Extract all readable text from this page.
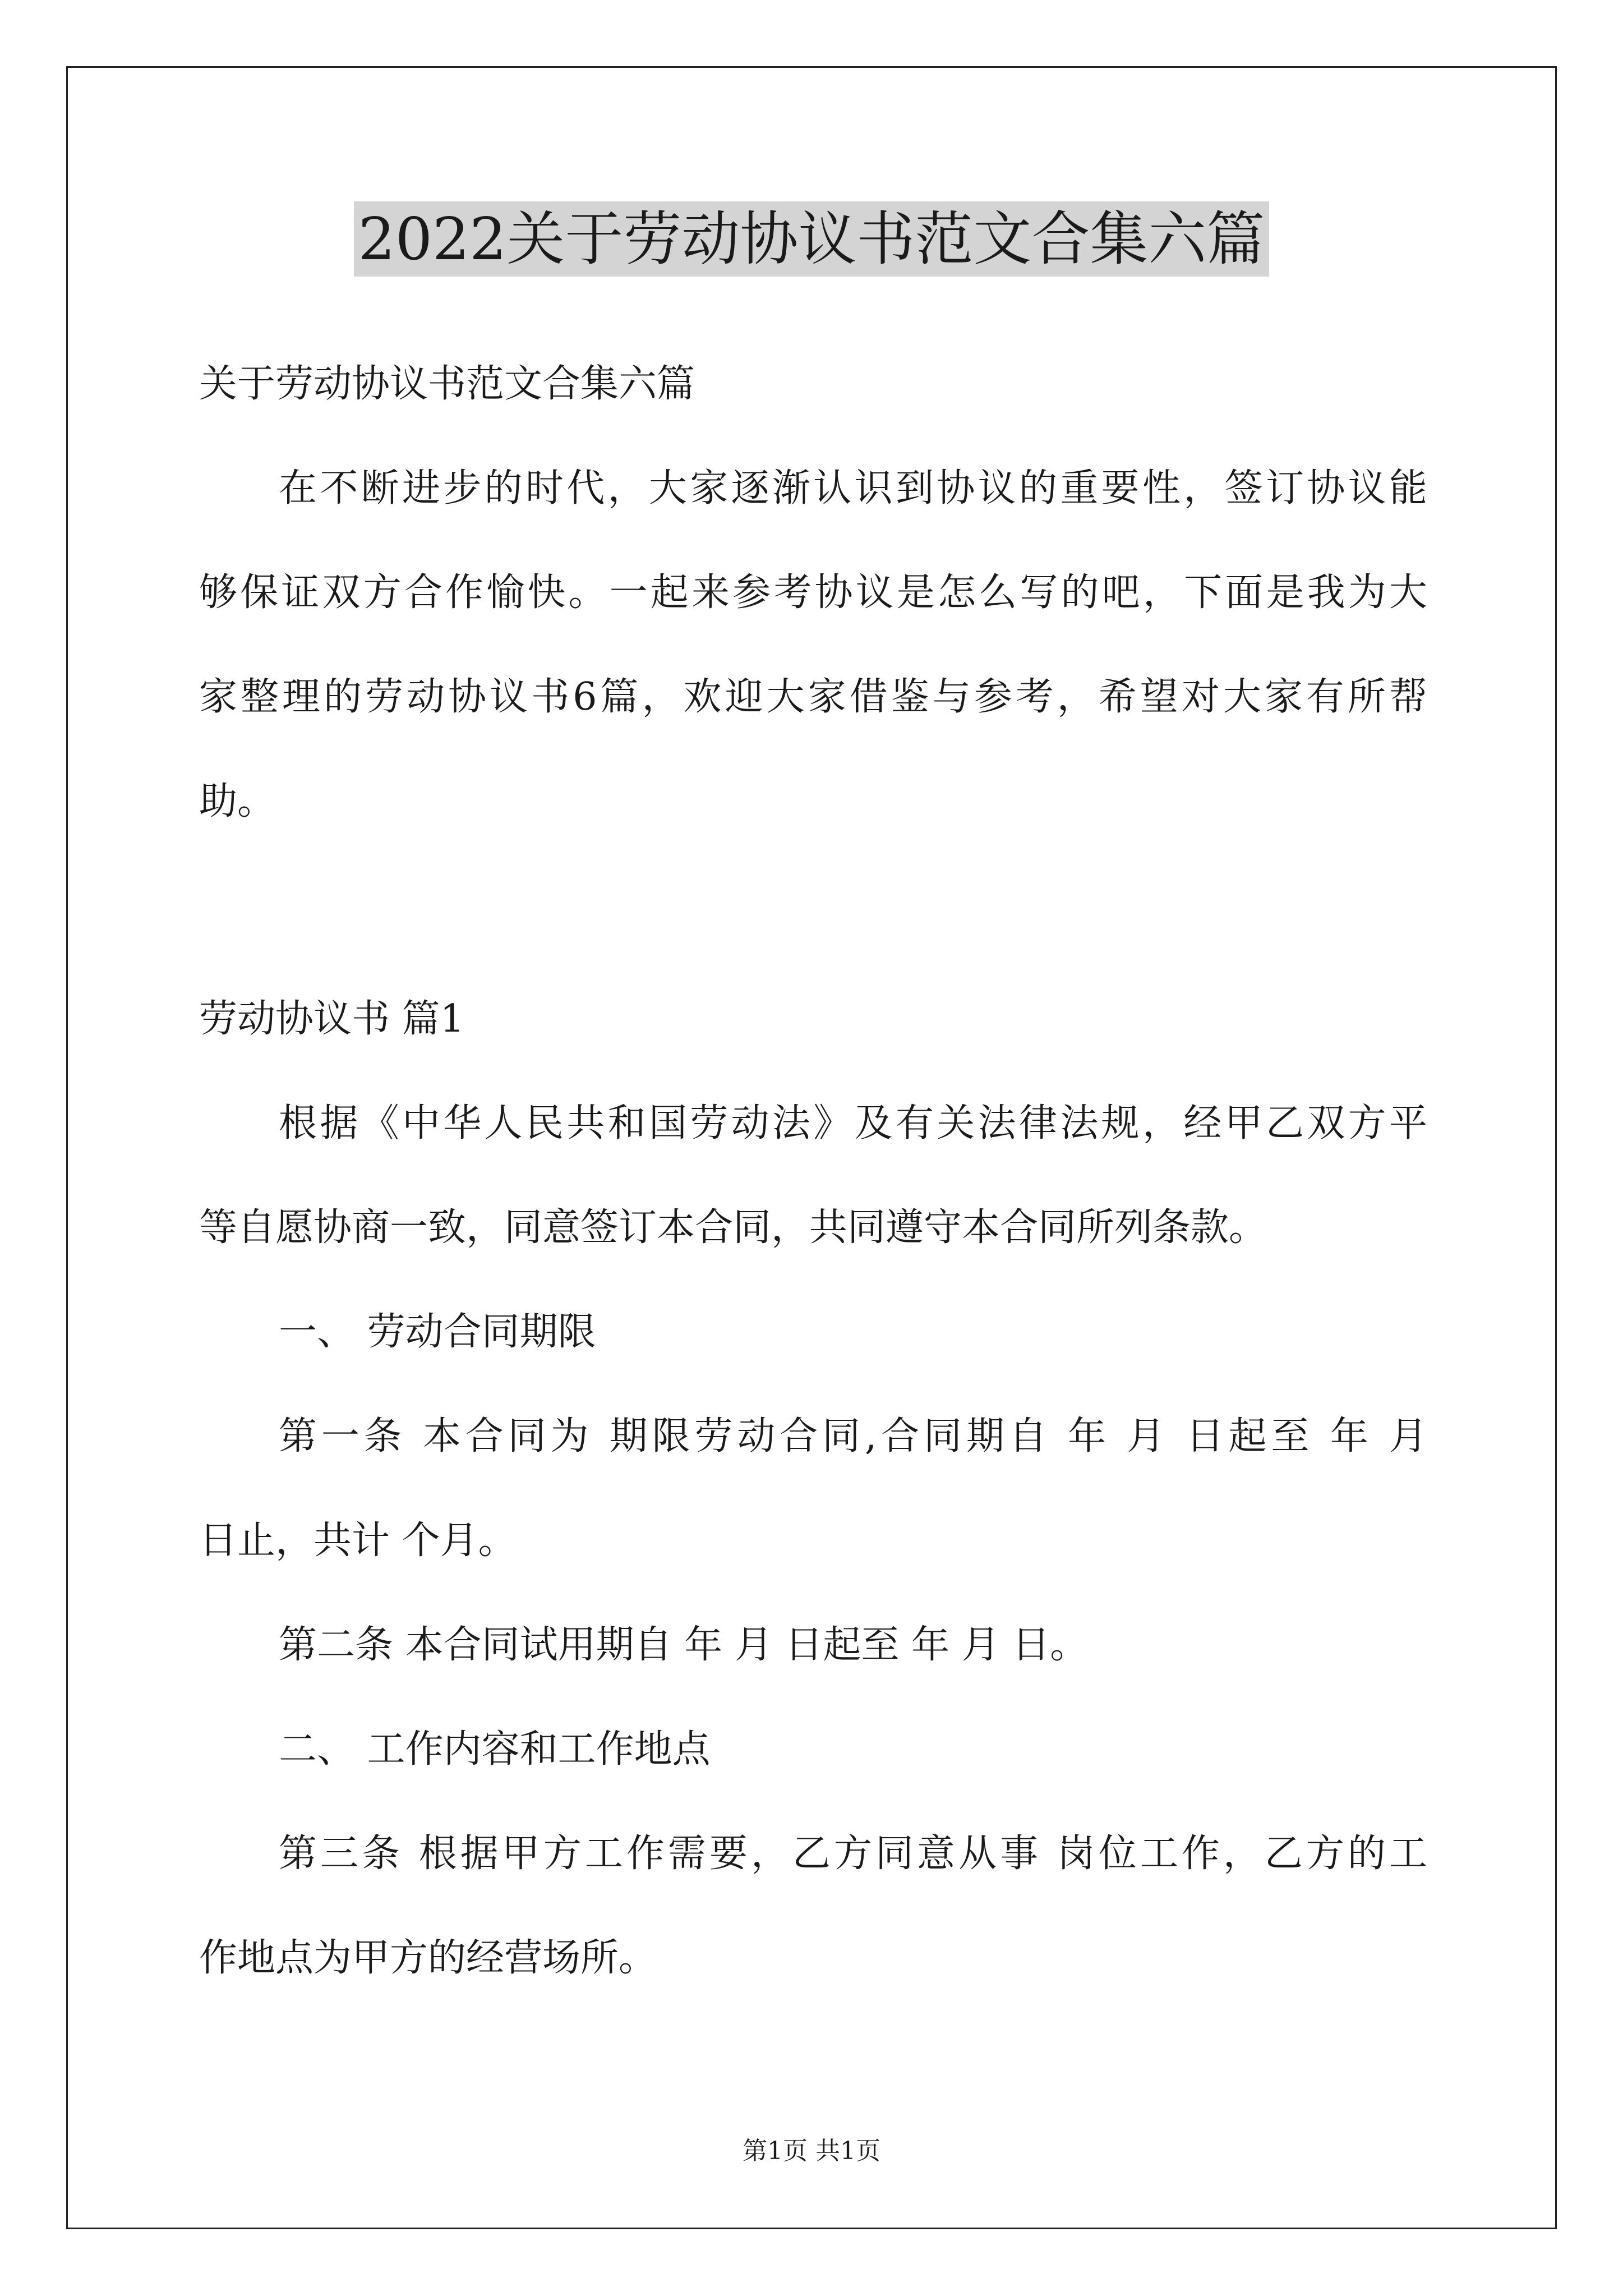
2022关于劳动协议书范文合集六篇
关于劳动协议书范文合集六篇
在不断进步的时代，大家逐渐认识到协议的重要性，签订协议能
够保证双方合作愉快。一起来参考协议是怎么写的吧，下面是我为大
家整理的劳动协议书6篇，欢迎大家借鉴与参考，希望对大家有所帮
助。
劳动协议书 篇1
根据《中华人民共和国劳动法》及有关法律法规，经甲乙双方平
等自愿协商一致，同意签订本合同，共同遵守本合同所列条款。
一、 劳动合同期限
第一条 本合同为 期限劳动合同,合同期自 年 月 日起至 年 月
日止，共计 个月。
第二条 本合同试用期自 年 月 日起至 年 月 日。
二、 工作内容和工作地点
第三条 根据甲方工作需要，乙方同意从事 岗位工作，乙方的工
作地点为甲方的经营场所。
第1页 共1页
